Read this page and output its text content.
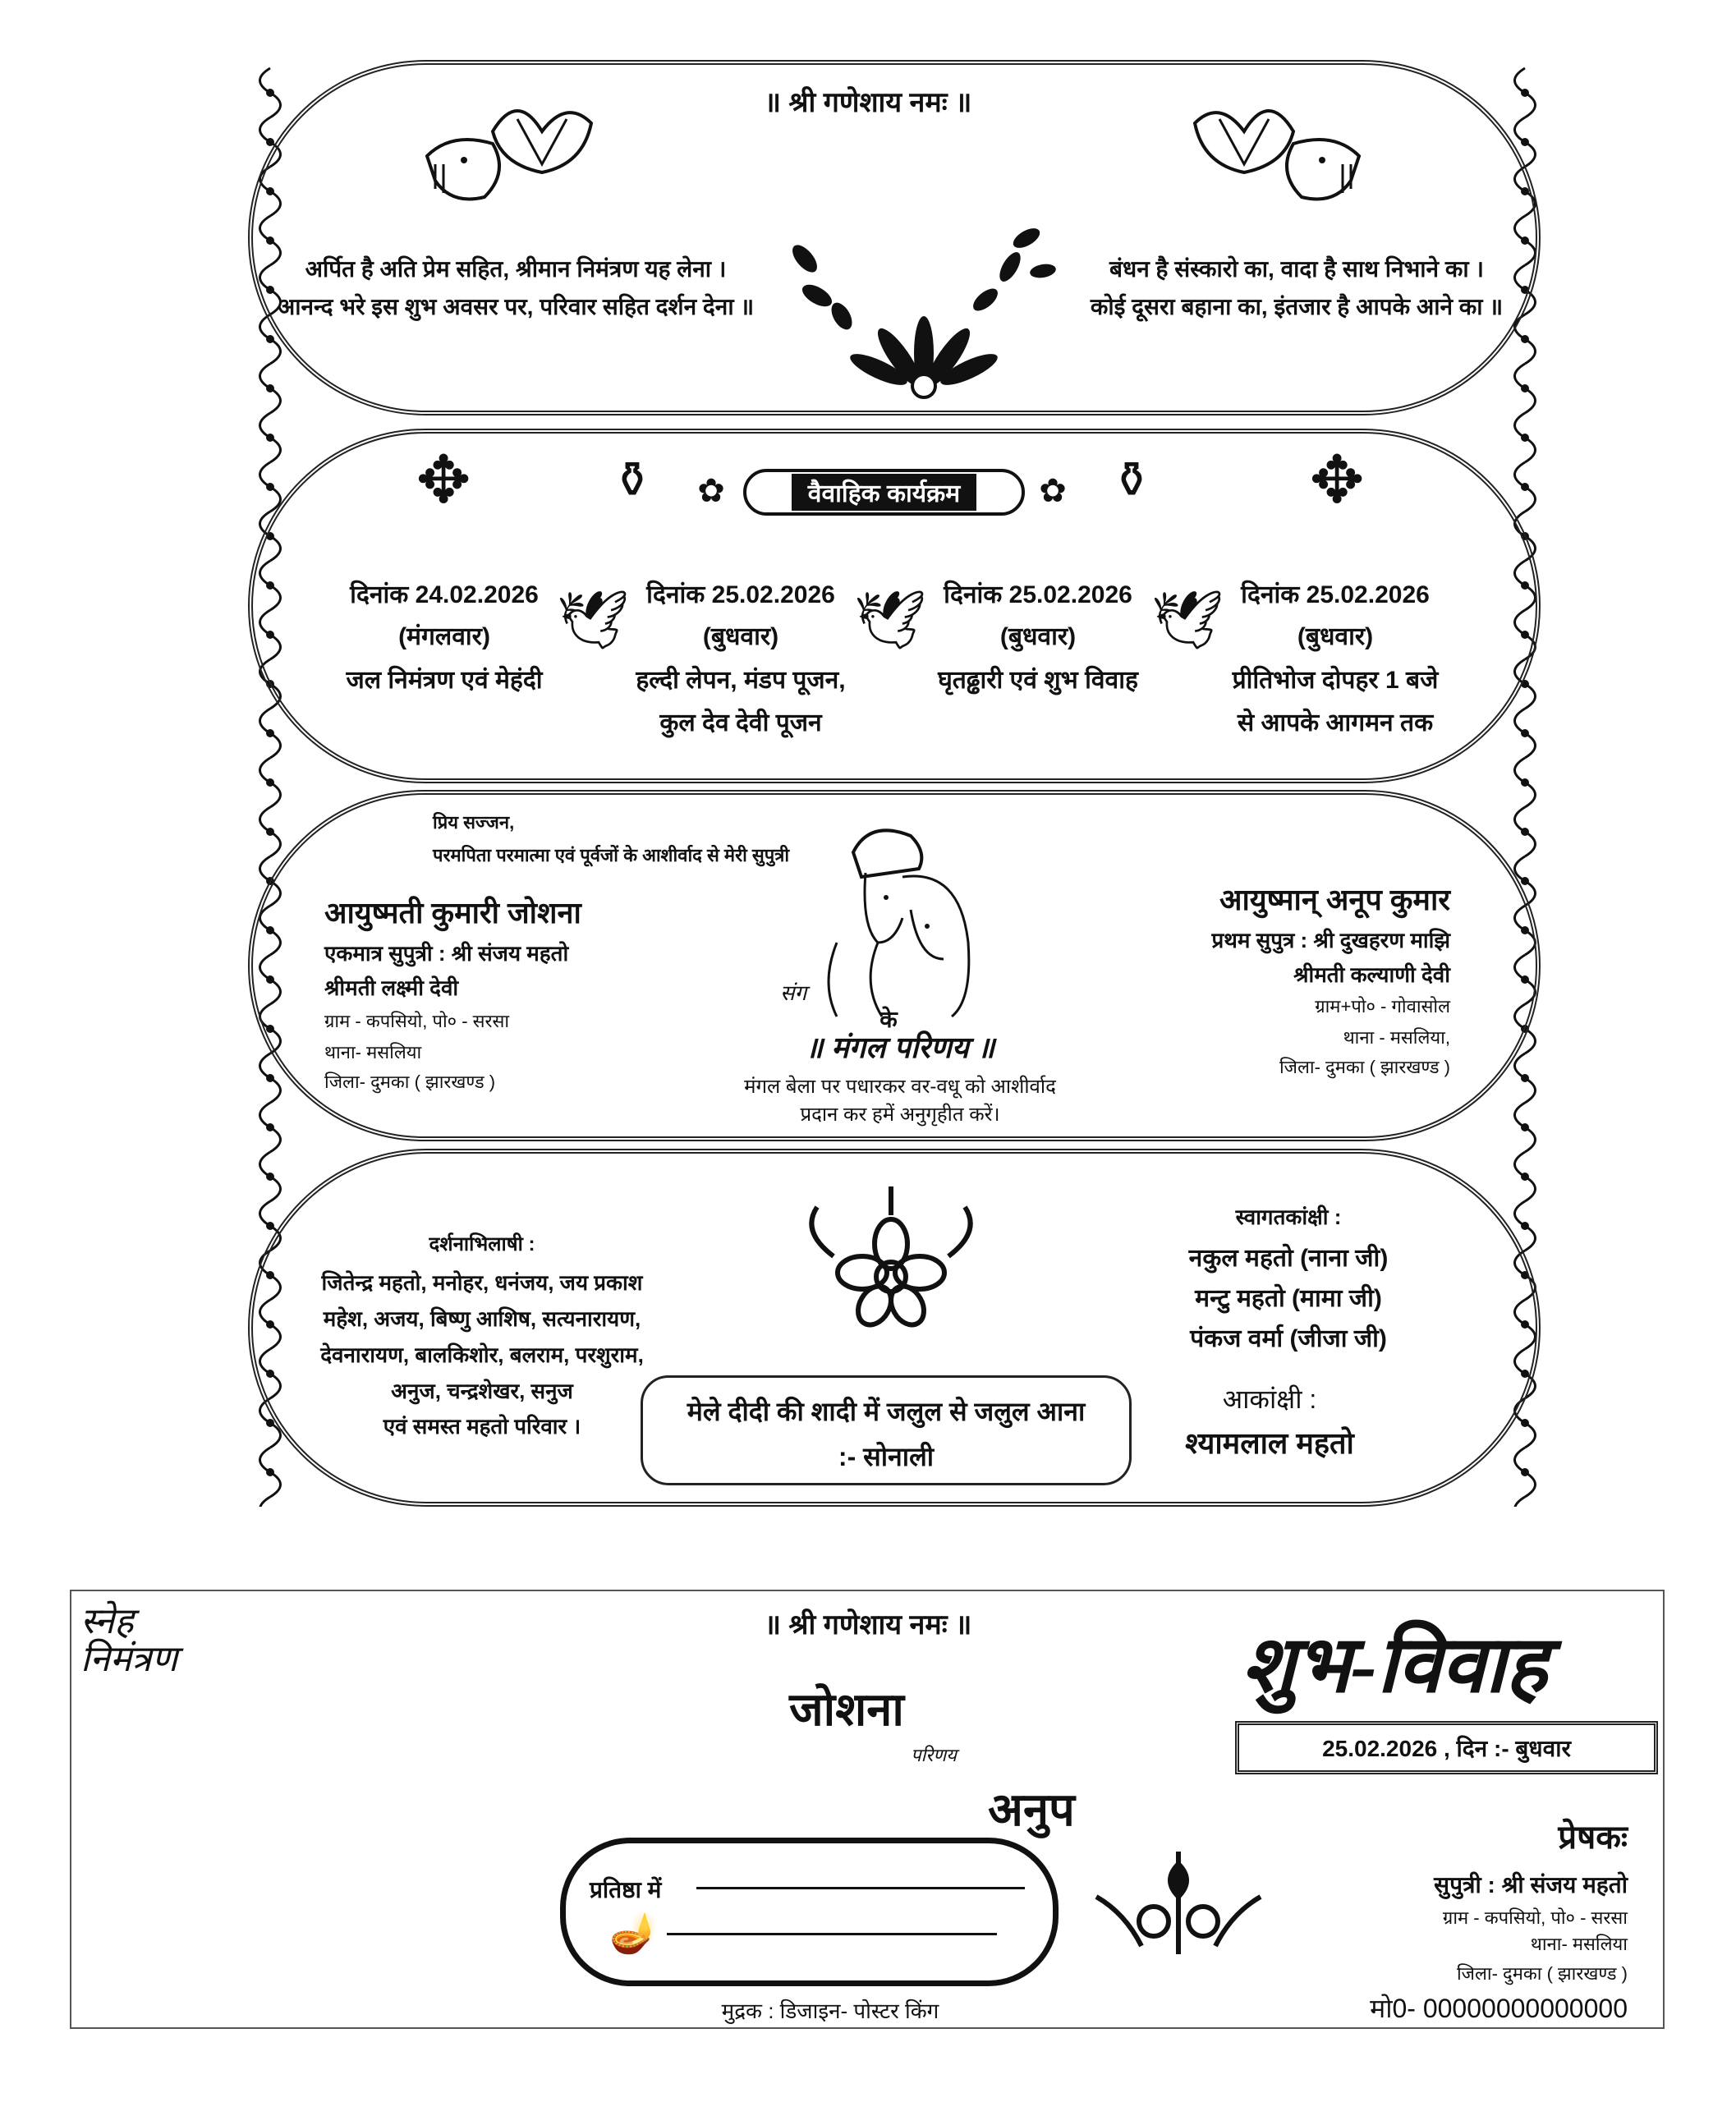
॥ श्री गणेशाय नमः ॥
अर्पित है अति प्रेम सहित, श्रीमान निमंत्रण यह लेना ।
आनन्द भरे इस शुभ अवसर पर, परिवार सहित दर्शन देना ॥
बंधन है संस्कारो का, वादा है साथ निभाने का ।
कोई दूसरा बहाना का, इंतजार है आपके आने का ॥
✥	✥
⚱	⚱
✿	✿
वैवाहिक कार्यक्रम
दिनांक 24.02.2026
(मंगलवार)
जल निमंत्रण एवं मेहंदी
दिनांक 25.02.2026
(बुधवार)
हल्दी लेपन, मंडप पूजन,
कुल देव देवी पूजन
दिनांक 25.02.2026
(बुधवार)
घृतढ्ढारी एवं शुभ विवाह
दिनांक 25.02.2026
(बुधवार)
प्रीतिभोज दोपहर 1 बजे
से आपके आगमन तक
🕊	🕊	🕊
प्रिय सज्जन,
परमपिता परमात्मा एवं पूर्वजों के आशीर्वाद से मेरी सुपुत्री
आयुष्मती कुमारी जोशना
एकमात्र सुपुत्री : श्री संजय महतो
श्रीमती लक्ष्मी देवी
ग्राम - कपसियो, पो० - सरसा
थाना- मसलिया
जिला- दुमका ( झारखण्ड )
आयुष्मान् अनूप कुमार
प्रथम सुपुत्र : श्री दुखहरण माझि
श्रीमती कल्याणी देवी
ग्राम+पो० - गोवासोल
थाना - मसलिया,
जिला- दुमका ( झारखण्ड )
संग
के
॥ मंगल परिणय ॥
मंगल बेला पर पधारकर वर-वधू को आशीर्वाद
प्रदान कर हमें अनुगृहीत करें।
दर्शनाभिलाषी :
जितेन्द्र महतो, मनोहर, धनंजय, जय प्रकाश
महेश, अजय, बिष्णु आशिष, सत्यनारायण,
देवनारायण, बालकिशोर, बलराम, परशुराम,
अनुज, चन्द्रशेखर, सनुज
एवं समस्त महतो परिवार ।
स्वागतकांक्षी :
नकुल महतो (नाना जी)
मन्टु महतो (मामा जी)
पंकज वर्मा (जीजा जी)
मेले दीदी की शादी में जलुल से जलुल आना
:- सोनाली
आकांक्षी :
श्यामलाल महतो
स्नेह निमंत्रण
॥ श्री गणेशाय नमः ॥
जोशना
परिणय
अनुप
शुभ-विवाह
25.02.2026 , दिन :- बुधवार
प्रतिष्ठा में
🪔
मुद्रक : डिजाइन- पोस्टर किंग
प्रेषकः
सुपुत्री : श्री संजय महतो
ग्राम - कपसियो, पो० - सरसा
थाना- मसलिया
जिला- दुमका ( झारखण्ड )
मो0- 00000000000000
